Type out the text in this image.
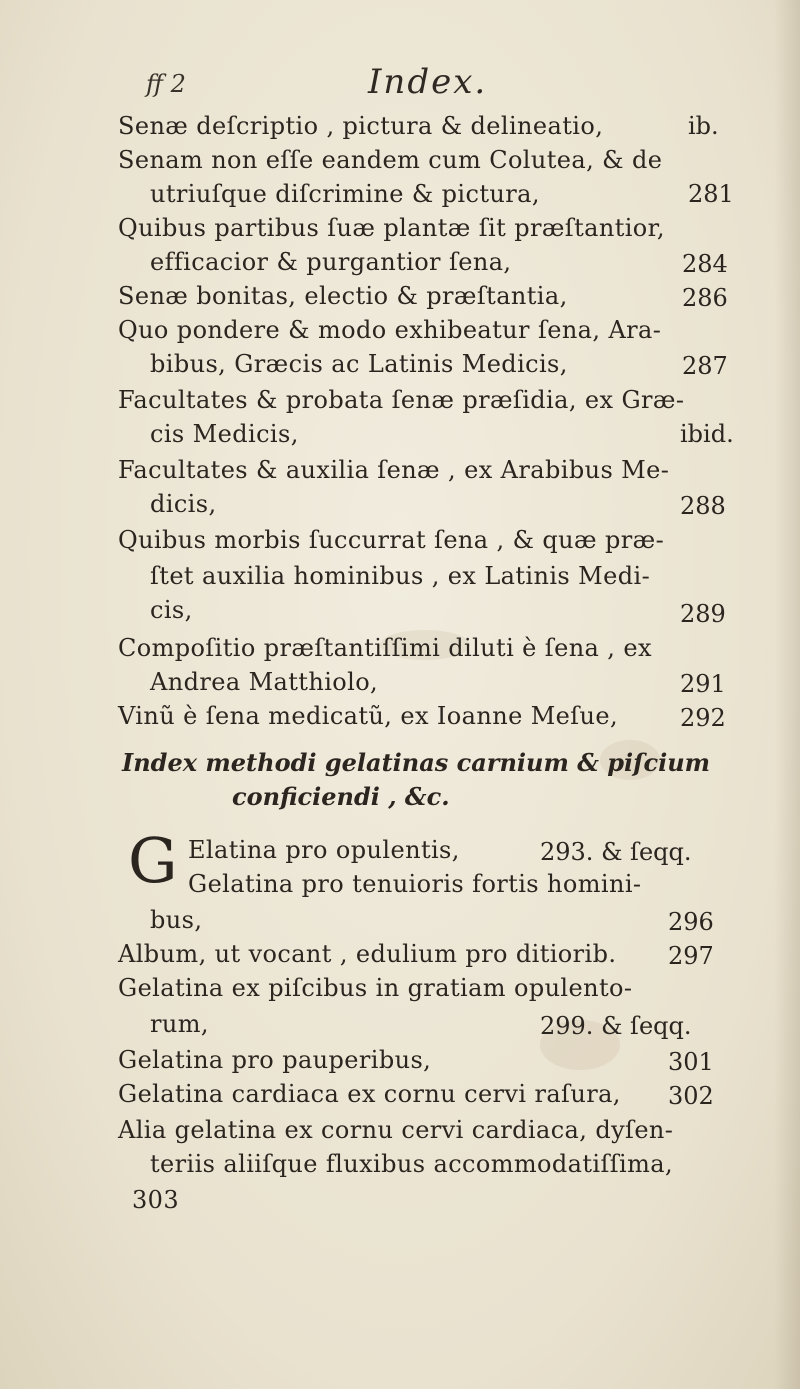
ff 2	Index.
Senæ deſcriptio , pictura & delineatio,	ib.
Senam non eſſe eandem cum Colutea, & de
utriuſque diſcrimine & pictura,	281
Quibus partibus ſuæ plantæ ſit præſtantior,
efficacior & purgantior ſena,	284
Senæ bonitas, electio & præſtantia,	286
Quo pondere & modo exhibeatur ſena, Ara-
bibus, Græcis ac Latinis Medicis,	287
Facultates & probata ſenæ præſidia, ex Græ-
cis Medicis,	ibid.
Facultates & auxilia ſenæ , ex Arabibus Me-
dicis,	288
Quibus morbis ſuccurrat ſena , & quæ præ-
ſtet auxilia hominibus , ex Latinis Medi-
cis,	289
Compoſitio præſtantiſſimi diluti è ſena , ex
Andrea Matthiolo,	291
Vinũ è ſena medicatũ, ex Ioanne Meſue,	292
Index methodi gelatinas carnium & piſcium
conficiendi , &c.
G Elatina pro opulentis,	293. & ſeqq.
Gelatina pro tenuioris fortis homini-
bus,	296
Album, ut vocant , edulium pro ditiorib. 297
Gelatina ex piſcibus in gratiam opulento-
rum,	299. & ſeqq.
Gelatina pro pauperibus,	301
Gelatina cardiaca ex cornu cervi raſura, 302
Alia gelatina ex cornu cervi cardiaca, dyſen-
teriis aliiſque fluxibus accommodatiſſima,
303
